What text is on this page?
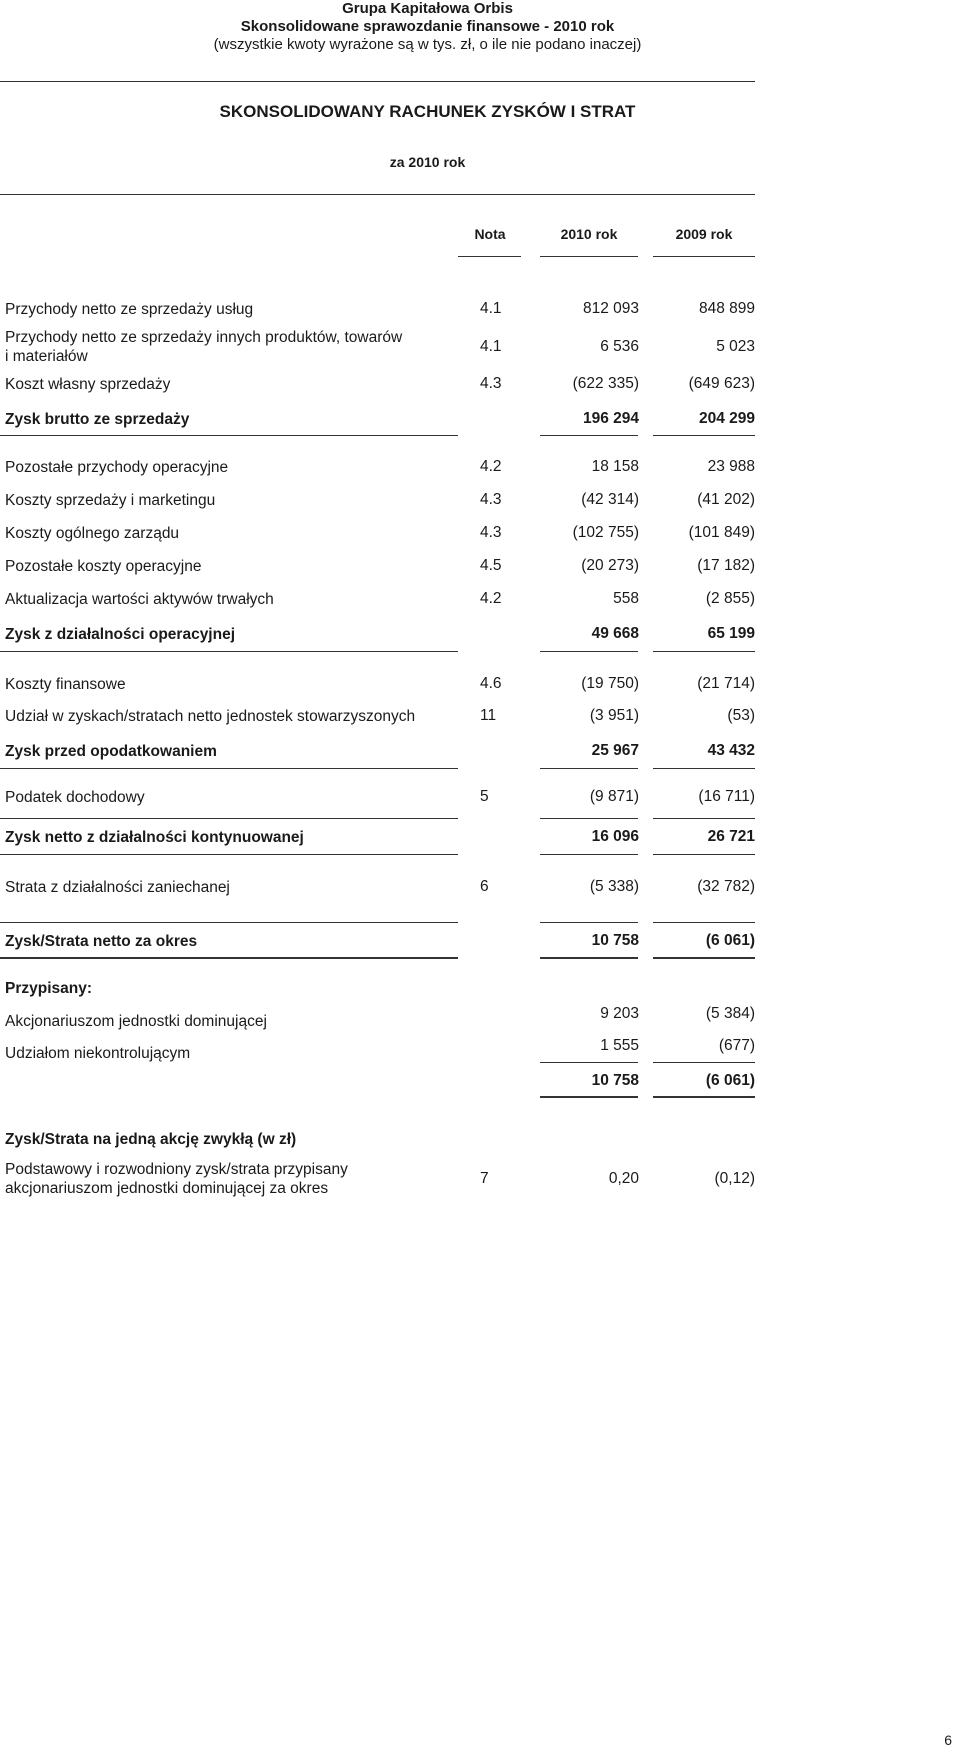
Grupa Kapitałowa Orbis
Skonsolidowane sprawozdanie finansowe - 2010 rok
(wszystkie kwoty wyrażone są w tys. zł, o ile nie podano inaczej)
SKONSOLIDOWANY RACHUNEK ZYSKÓW I STRAT
za 2010 rok
Nota	2010 rok	2009 rok
Przychody netto ze sprzedaży usług	4.1	812 093	848 899
Przychody netto ze sprzedaży innych produktów, towarów i materiałów
4.1	6 536	5 023
Koszt własny sprzedaży	4.3	(622 335)	(649 623)
Zysk brutto ze sprzedaży	196 294	204 299
Pozostałe przychody operacyjne	4.2	18 158	23 988
Koszty sprzedaży i marketingu	4.3	(42 314)	(41 202)
Koszty ogólnego zarządu	4.3	(102 755)	(101 849)
Pozostałe koszty operacyjne	4.5	(20 273)	(17 182)
Aktualizacja wartości aktywów trwałych	4.2	558	(2 855)
Zysk z działalności operacyjnej	49 668	65 199
Koszty finansowe	4.6	(19 750)	(21 714)
Udział w zyskach/stratach netto jednostek stowarzyszonych	11	(3 951)	(53)
Zysk przed opodatkowaniem	25 967	43 432
Podatek dochodowy	5	(9 871)	(16 711)
Zysk netto z działalności kontynuowanej	16 096	26 721
Strata z działalności zaniechanej	6	(5 338)	(32 782)
Zysk/Strata netto za okres	10 758	(6 061)
Przypisany:
Akcjonariuszom jednostki dominującej	9 203	(5 384)
Udziałom niekontrolującym	1 555	(677)
10 758	(6 061)
Zysk/Strata na jedną akcję zwykłą (w zł)
Podstawowy i rozwodniony zysk/strata przypisany akcjonariuszom jednostki dominującej za okres
7	0,20	(0,12)
6
